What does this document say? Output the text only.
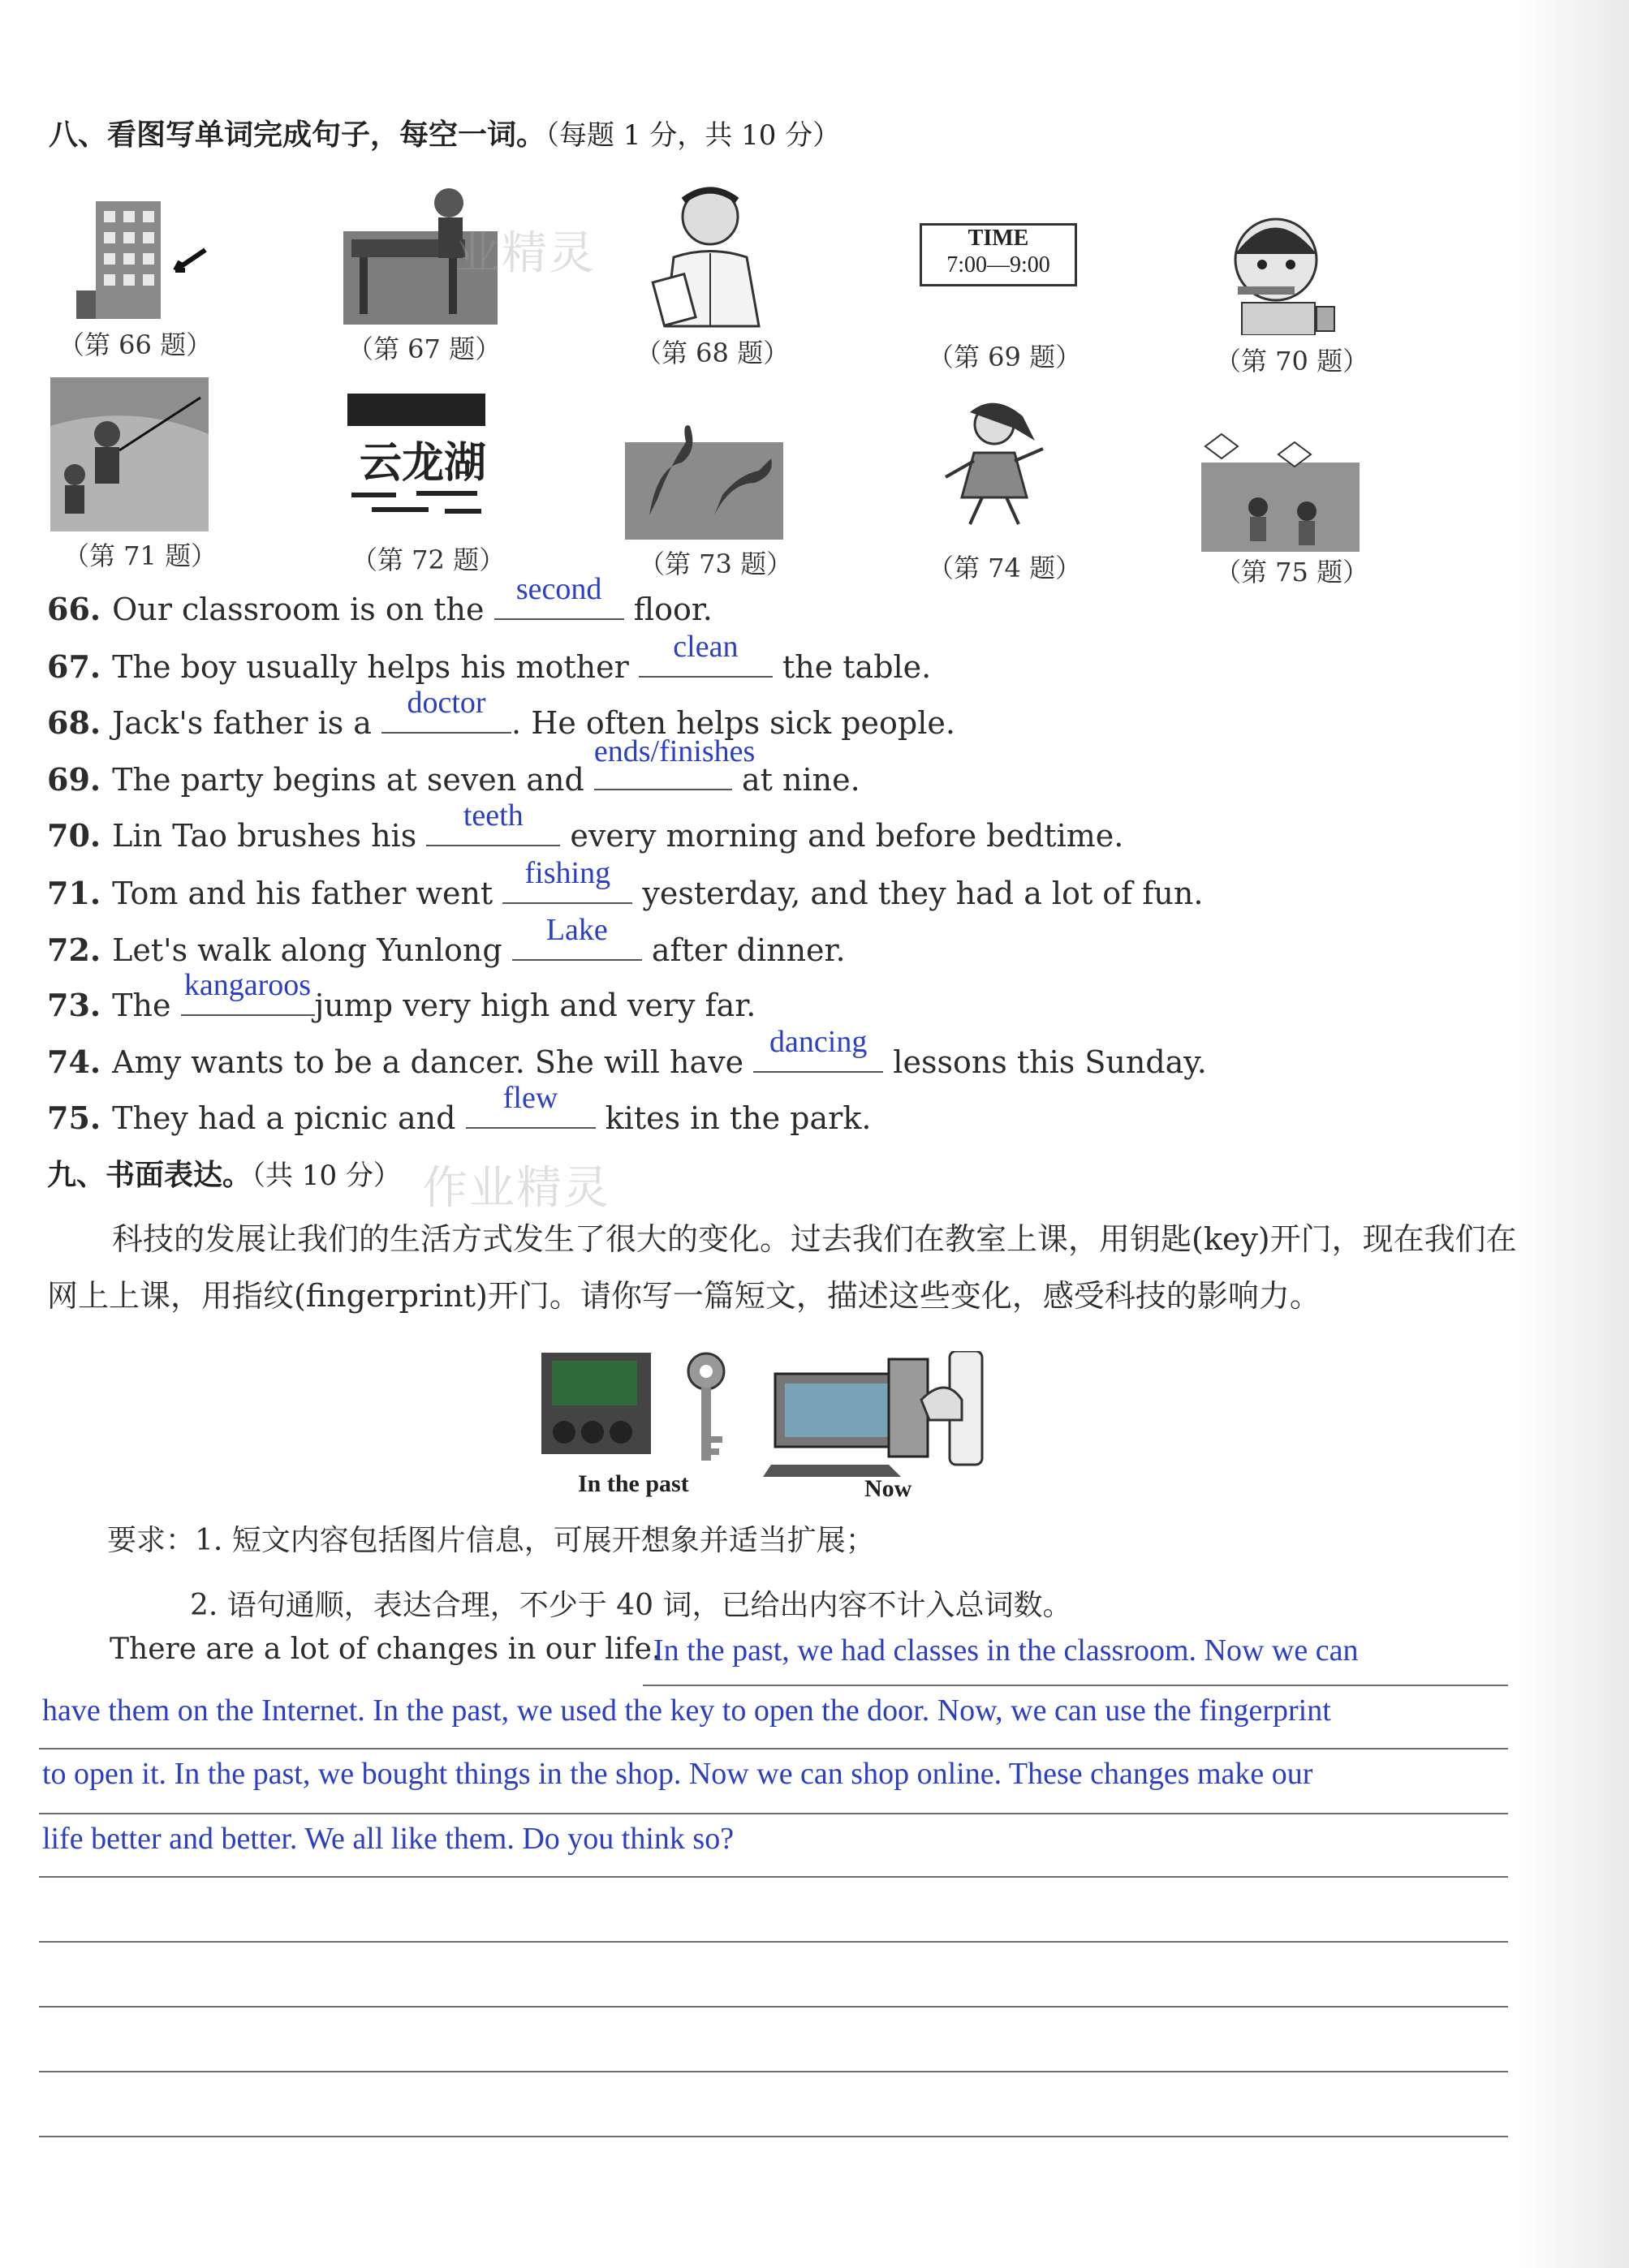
八、看图写单词完成句子，每空一词。（每题 1 分，共 10 分）
TIME
7:00—9:00
（第 66 题）	（第 67 题）	（第 68 题）	（第 69 题）	（第 70 题）
云龙湖
（第 71 题）	（第 72 题）	（第 73 题）	（第 74 题）	（第 75 题）
66. Our classroom is on the
second
floor.
67. The boy usually helps his mother
clean
the table.
68. Jack's father is a
doctor
. He often helps sick people.
69. The party begins at seven and
ends/finishes
at nine.
70. Lin Tao brushes his
teeth
every morning and before bedtime.
71. Tom and his father went
fishing
yesterday, and they had a lot of fun.
72. Let's walk along Yunlong
Lake
after dinner.
73. The
kangaroos
jump very high and very far.
74. Amy wants to be a dancer. She will have
dancing
lessons this Sunday.
75. They had a picnic and
flew
kites in the park.
九、书面表达。（共 10 分） 作业精灵
业精灵
科技的发展让我们的生活方式发生了很大的变化。过去我们在教室上课，用钥匙(key)开门，现在我们在网上上课，用指纹(fingerprint)开门。请你写一篇短文，描述这些变化，感受科技的影响力。
In the past	Now
要求：1. 短文内容包括图片信息，可展开想象并适当扩展；
2. 语句通顺，表达合理，不少于 40 词，已给出内容不计入总词数。
There are a lot of changes in our life.
In the past, we had classes in the classroom. Now we can
have them on the Internet. In the past, we used the key to open the door. Now, we can use the fingerprint
to open it. In the past, we bought things in the shop. Now we can shop online. These changes make our
life better and better. We all like them. Do you think so?
